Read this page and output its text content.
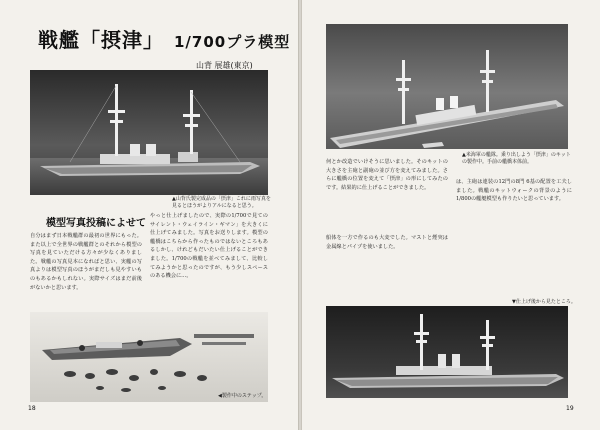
戦艦「摂津」 1/700プラ模型
山背 展雄(東京)
▲山背氏製完成品の「摂津」これに雨写真を見るとほうがよりアルになると思う。
模型写真投稿によせて
自分はまず日本戦艦群の最初の世界にもった。また以上で全世界の戦艦群とのそれから模型の写真を見ていただける方々が少なくありました。戦艦の写真見本になればと思い、実艦の写真よりは模型写真のほうがまだしも見やすいものもあるかもしれない。実際サイズはまだ前後がないかと思います。
やっと仕上げましたので、実際の1/700で見てのサイレント・ウェイライン・ギマン」を大きくに仕上げてみました。写真をお送りします。模型の艦橋はこちらから作ったものではないところもあるしかし、けれどもだいたい仕上げることができました。1/700の戦艦を並べてみまして、比較してみようかと思ったのですが、もう少しスペースのある機会に…。
◀製作中のステップ。
18
▲米海軍の艦隊。乗り出しよう「摂津」のキットの製作中。手前の艦橋本体前。
何とか改造でいけそうに思いました。そのキットの大きさを主砲と副砲の並び方を変えてみました。さらに艦橋の位置を変えて「摂津」の形にしてみたのです。結果的に仕上げることができました。
船体を一方で作るのも大変でした。マストと煙突は金属線とパイプを使いました。
は、主砲は連装の12門の8門 6基の配置を工夫しました。戦艦のキットウォークの背景のように1/800の艦艇模型も作りたいと思っています。
▼仕上げ後から見たところ。
19
